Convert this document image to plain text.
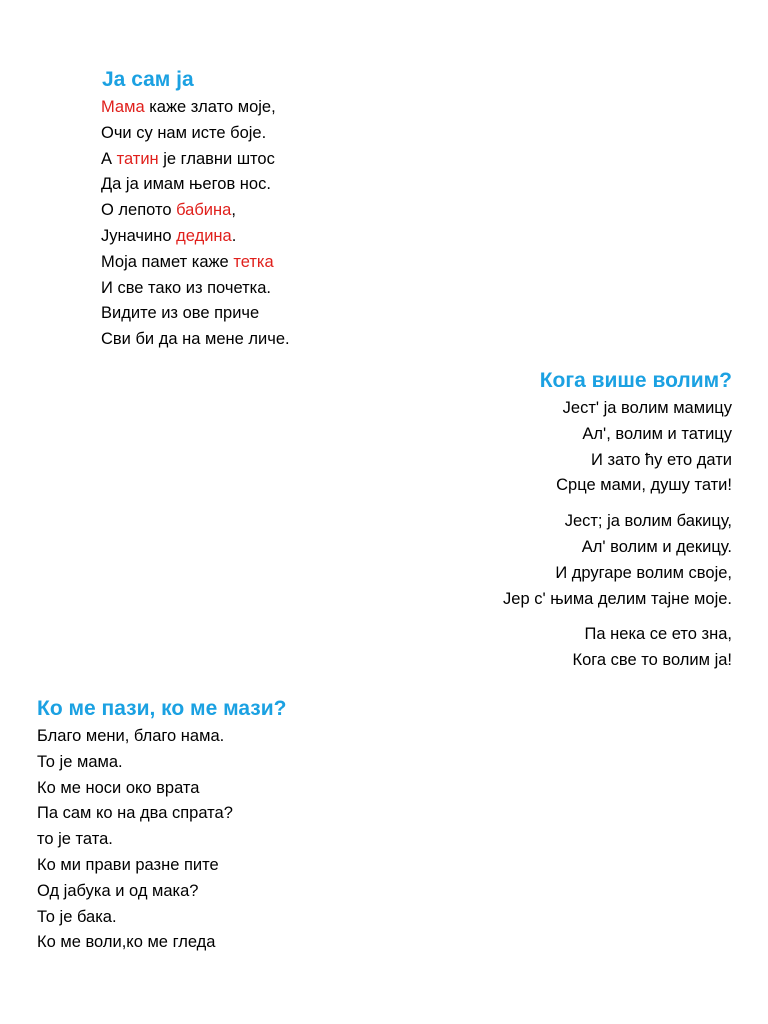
Ја сам ја
Мама каже злато моје,
Очи су нам исте боје.
А татин је главни штос
Да ја имам његов нос.
О лепото бабина,
Јуначино дедина.
Моја памет каже тетка
И све тако из почетка.
Видите из ове приче
Сви би да на мене личе.
Кога више волим?
Јест' ја волим мамицу
Ал', волим и татицу
И зато ћу ето дати
Срце мами, душу тати!
Јест; ја волим бакицу,
Ал' волим и декицу.
И другаре волим своје,
Јер с' њима делим тајне моје.
Па нека се ето зна,
Кога све то волим ја!
Ко ме пази, ко ме мази?
Благо мени, благо нама.
То је мама.
Ко ме носи око врата
Па сам ко на два спрата?
то је тата.
Ко ми прави разне пите
Од јабука и од мака?
То је бака.
Ко ме воли,ко ме гледа
